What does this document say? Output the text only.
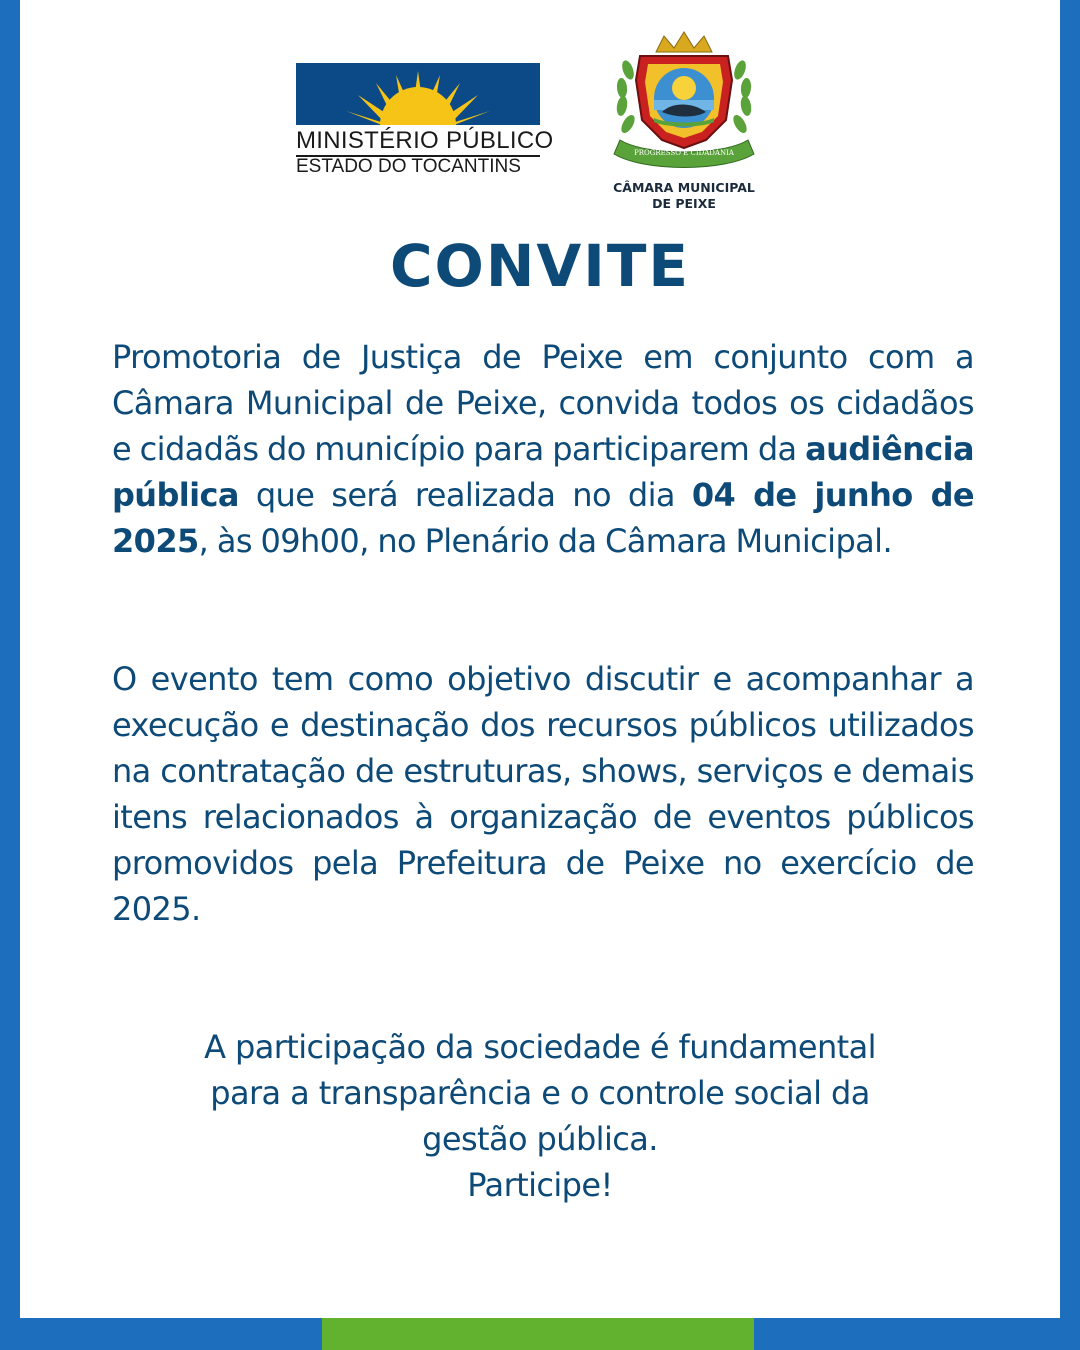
MINISTÉRIO PÚBLICO
ESTADO DO TOCANTINS
PROGRESSO E CIDADANIA
CÂMARA MUNICIPAL
DE PEIXE
CONVITE
Promotoria de Justiça de Peixe em conjunto com a Câmara Municipal de Peixe, convida todos os cidadãos e cidadãs do município para participarem da audiência pública que será realizada no dia 04 de junho de 2025, às 09h00, no Plenário da Câmara Municipal.
O evento tem como objetivo discutir e acompanhar a execução e destinação dos recursos públicos utilizados na contratação de estruturas, shows, serviços e demais itens relacionados à organização de eventos públicos promovidos pela Prefeitura de Peixe no exercício de 2025.
A participação da sociedade é fundamental
para a transparência e o controle social da
gestão pública.
Participe!
